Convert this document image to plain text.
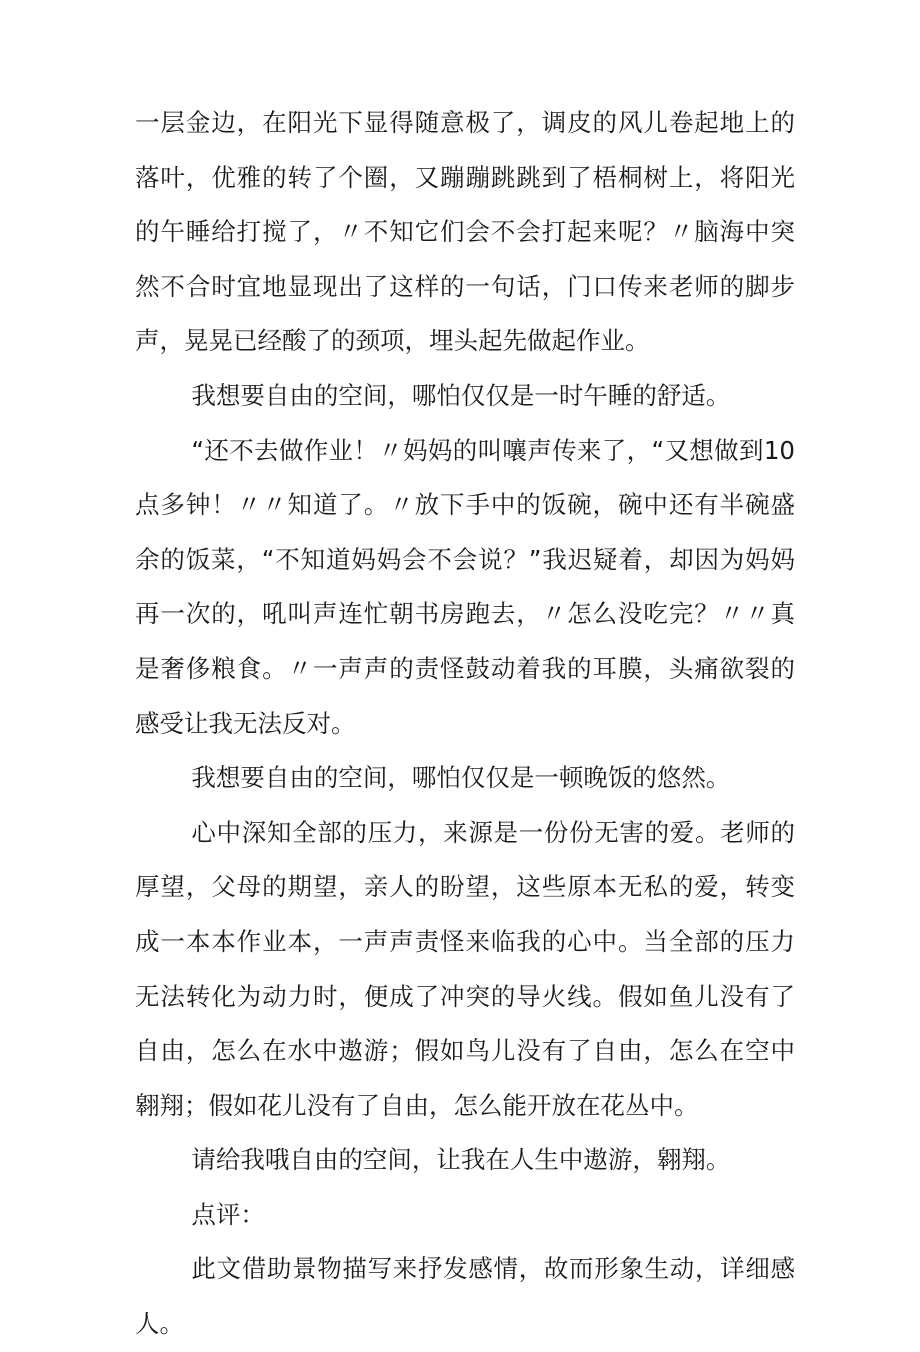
一层金边，在阳光下显得随意极了，调皮的风儿卷起地上的落叶，优雅的转了个圈，又蹦蹦跳跳到了梧桐树上，将阳光的午睡给打搅了，〃不知它们会不会打起来呢？〃脑海中突然不合时宜地显现出了这样的一句话，门口传来老师的脚步声，晃晃已经酸了的颈项，埋头起先做起作业。

我想要自由的空间，哪怕仅仅是一时午睡的舒适。

“还不去做作业！〃妈妈的叫嚷声传来了，“又想做到10点多钟！〃〃知道了。〃放下手中的饭碗，碗中还有半碗盛余的饭菜，“不知道妈妈会不会说？”我迟疑着，却因为妈妈再一次的，吼叫声连忙朝书房跑去，〃怎么没吃完？〃〃真是奢侈粮食。〃一声声的责怪鼓动着我的耳膜，头痛欲裂的感受让我无法反对。

我想要自由的空间，哪怕仅仅是一顿晚饭的悠然。

心中深知全部的压力，来源是一份份无害的爱。老师的厚望，父母的期望，亲人的盼望，这些原本无私的爱，转变成一本本作业本，一声声责怪来临我的心中。当全部的压力无法转化为动力时，便成了冲突的导火线。假如鱼儿没有了自由，怎么在水中遨游；假如鸟儿没有了自由，怎么在空中翱翔；假如花儿没有了自由，怎么能开放在花丛中。

请给我哦自由的空间，让我在人生中遨游，翱翔。

点评：

此文借助景物描写来抒发感情，故而形象生动，详细感人。
